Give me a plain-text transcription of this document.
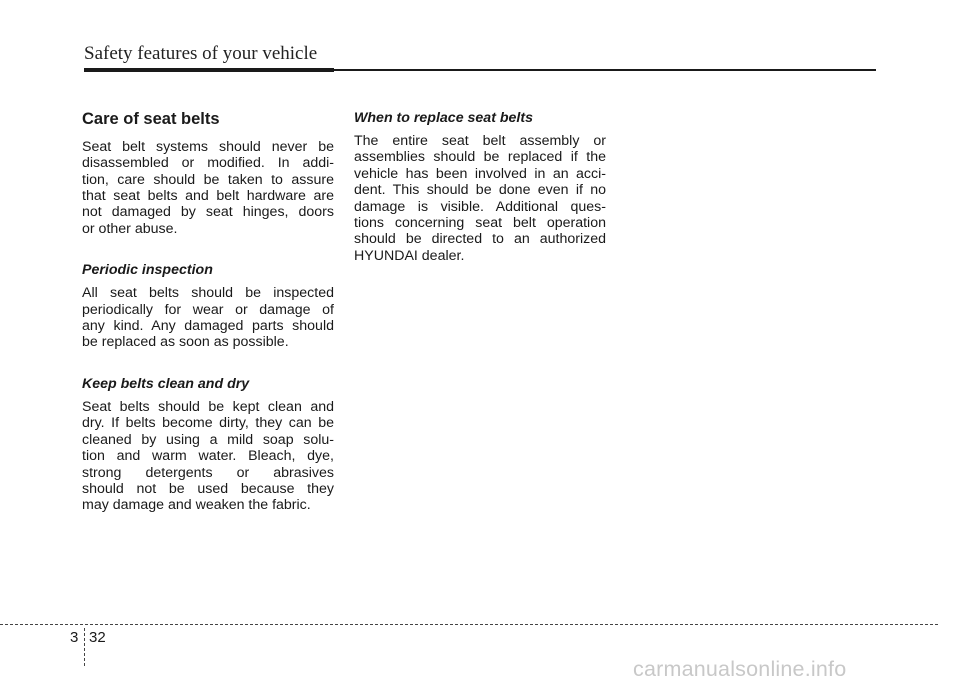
Safety features of your vehicle
Care of seat belts
Seat belt systems should never be
disassembled or modified. In addi-
tion, care should be taken to assure
that seat belts and belt hardware are
not damaged by seat hinges, doors
or other abuse.
Periodic inspection
All seat belts should be inspected
periodically for wear or damage of
any kind. Any damaged parts should
be replaced as soon as possible.
Keep belts clean and dry
Seat belts should be kept clean and
dry. If belts become dirty, they can be
cleaned by using a mild soap solu-
tion and warm water. Bleach, dye,
strong detergents or abrasives
should not be used because they
may damage and weaken the fabric.
When to replace seat belts
The entire seat belt assembly or
assemblies should be replaced if the
vehicle has been involved in an acci-
dent. This should be done even if no
damage is visible. Additional ques-
tions concerning seat belt operation
should be directed to an authorized
HYUNDAI dealer.
3 32
carmanualsonline.info
